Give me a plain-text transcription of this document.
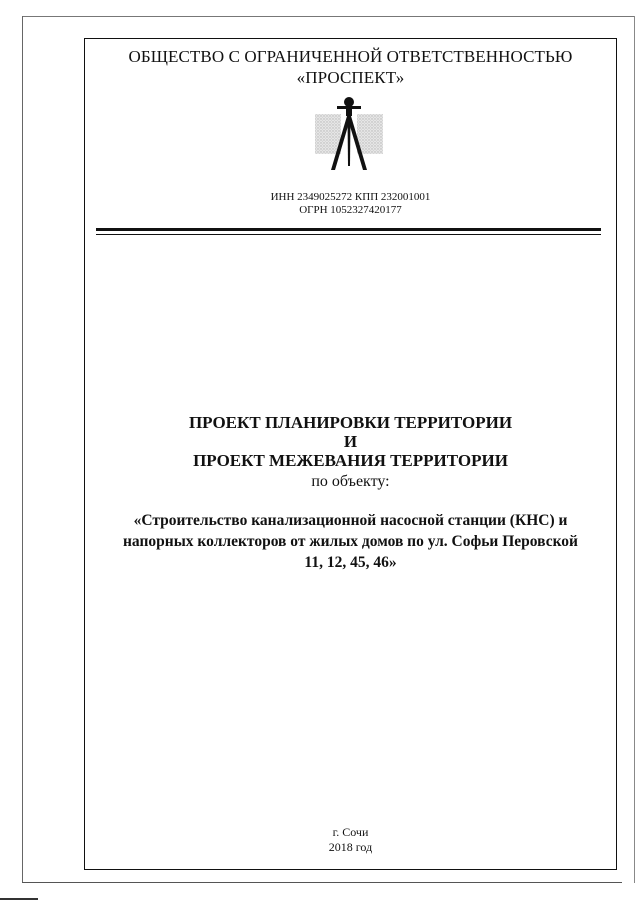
ОБЩЕСТВО С ОГРАНИЧЕННОЙ ОТВЕТСТВЕННОСТЬЮ
«ПРОСПЕКТ»
ИНН 2349025272 КПП 232001001
ОГРН 1052327420177
ПРОЕКТ ПЛАНИРОВКИ ТЕРРИТОРИИ
И
ПРОЕКТ МЕЖЕВАНИЯ ТЕРРИТОРИИ
по объекту:
«Строительство канализационной насосной станции (КНС) и
напорных коллекторов от жилых домов по ул. Софьи Перовской
11, 12, 45, 46»
г. Сочи
2018 год
